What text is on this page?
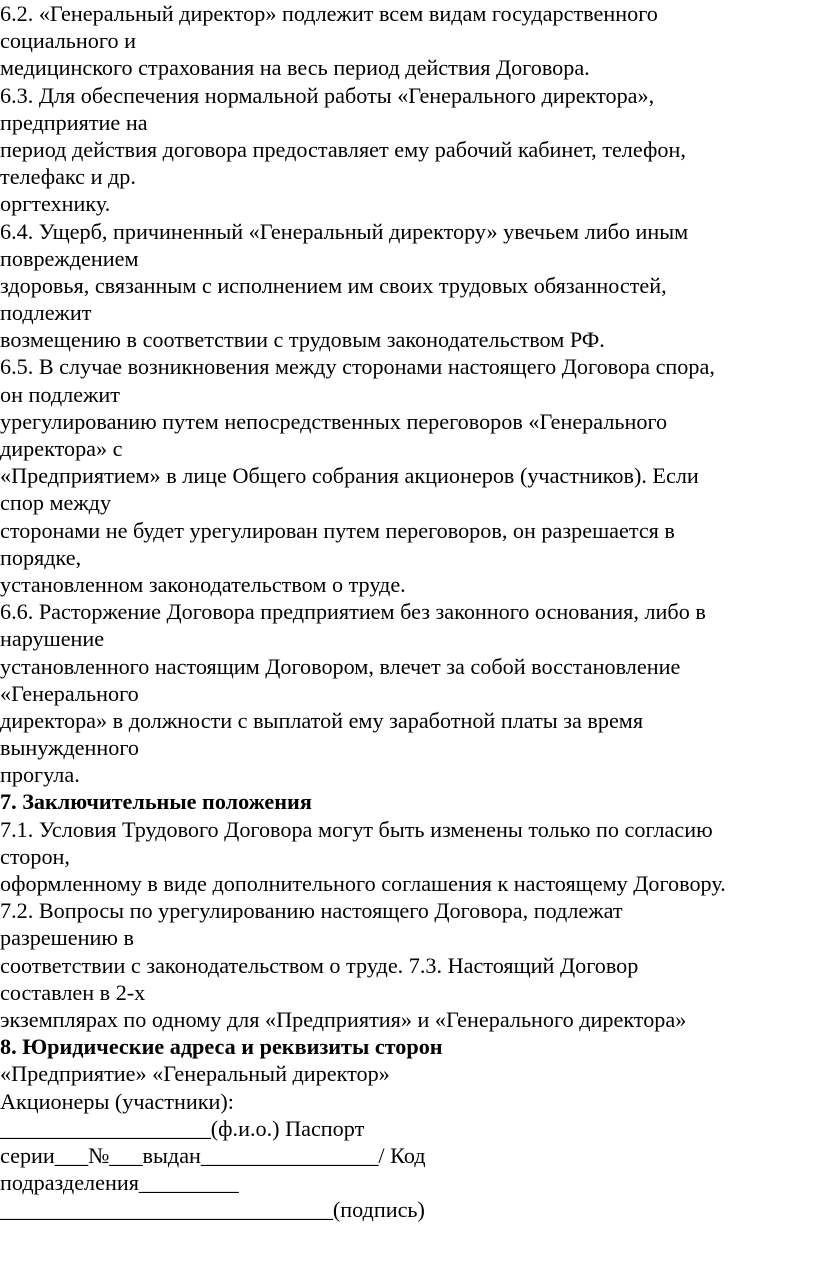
6.2. «Генеральный директор» подлежит всем видам государственного
социального и
медицинского страхования на весь период действия Договора.
6.3. Для обеспечения нормальной работы «Генерального директора»,
предприятие на
период действия договора предоставляет ему рабочий кабинет, телефон,
телефакс и др.
оргтехнику.
6.4. Ущерб, причиненный «Генеральный директору» увечьем либо иным
повреждением
здоровья, связанным с исполнением им своих трудовых обязанностей,
подлежит
возмещению в соответствии с трудовым законодательством РФ.
6.5. В случае возникновения между сторонами настоящего Договора спора,
он подлежит
урегулированию путем непосредственных переговоров «Генерального
директора» с
«Предприятием» в лице Общего собрания акционеров (участников). Если
спор между
сторонами не будет урегулирован путем переговоров, он разрешается в
порядке,
установленном законодательством о труде.
6.6. Расторжение Договора предприятием без законного основания, либо в
нарушение
установленного настоящим Договором, влечет за собой восстановление
«Генерального
директора» в должности с выплатой ему заработной платы за время
вынужденного
прогула.
7. Заключительные положения
7.1. Условия Трудового Договора могут быть изменены только по согласию
сторон,
оформленному в виде дополнительного соглашения к настоящему Договору.
7.2. Вопросы по урегулированию настоящего Договора, подлежат
разрешению в
соответствии с законодательством о труде. 7.3. Настоящий Договор
составлен в 2-х
экземплярах по одному для «Предприятия» и «Генерального директора»
8. Юридические адреса и реквизиты сторон
«Предприятие» «Генеральный директор»
Акционеры (участники):
___________________(ф.и.о.) Паспорт
серии___№___выдан________________/ Код
подразделения_________
______________________________(подпись)
